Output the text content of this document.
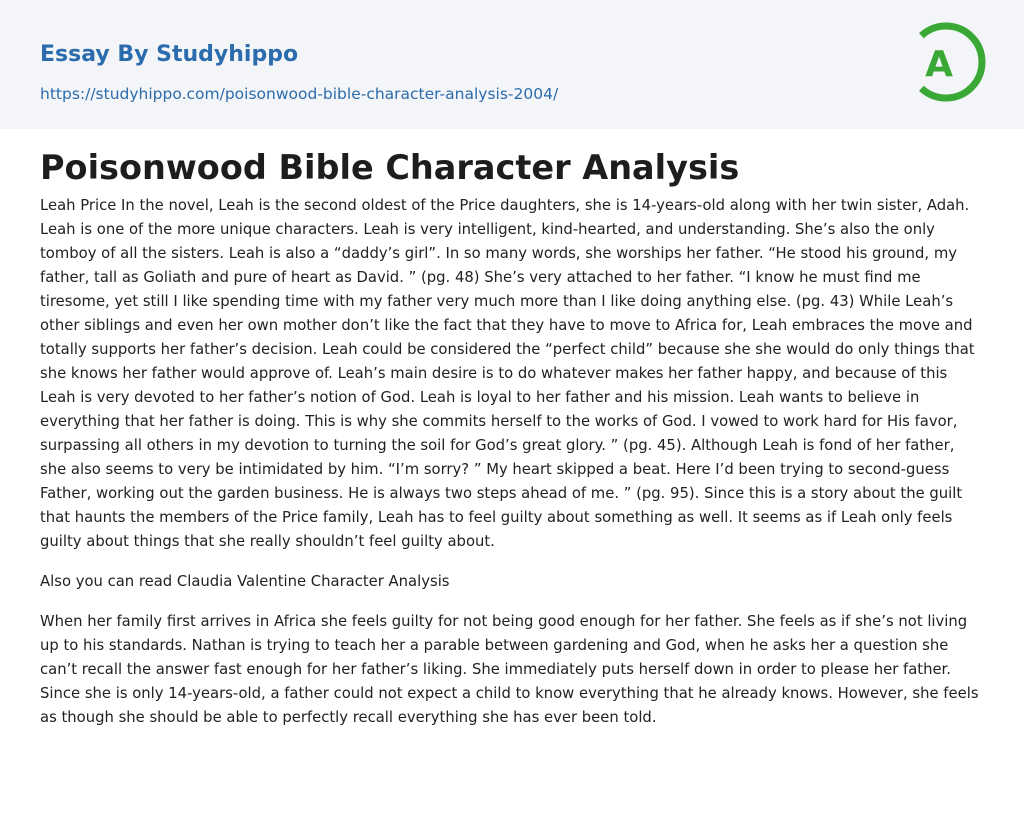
Essay By Studyhippo
https://studyhippo.com/poisonwood-bible-character-analysis-2004/
A
Poisonwood Bible Character Analysis

Leah Price In the novel, Leah is the second oldest of the Price daughters, she is 14-years-old along with her twin sister, Adah. Leah is one of the more unique characters. Leah is very intelligent, kind-hearted, and understanding. She’s also the only tomboy of all the sisters. Leah is also a “daddy’s girl”. In so many words, she worships her father. “He stood his ground, my father, tall as Goliath and pure of heart as David. ” (pg. 48) She’s very attached to her father. “I know he must find me tiresome, yet still I like spending time with my father very much more than I like doing anything else. (pg. 43) While Leah’s other siblings and even her own mother don’t like the fact that they have to move to Africa for, Leah embraces the move and totally supports her father’s decision. Leah could be considered the “perfect child” because she she would do only things that she knows her father would approve of. Leah’s main desire is to do whatever makes her father happy, and because of this Leah is very devoted to her father’s notion of God. Leah is loyal to her father and his mission. Leah wants to believe in everything that her father is doing. This is why she commits herself to the works of God. I vowed to work hard for His favor, surpassing all others in my devotion to turning the soil for God’s great glory. ” (pg. 45). Although Leah is fond of her father, she also seems to very be intimidated by him. “I’m sorry? ” My heart skipped a beat. Here I’d been trying to second-guess Father, working out the garden business. He is always two steps ahead of me. ” (pg. 95). Since this is a story about the guilt that haunts the members of the Price family, Leah has to feel guilty about something as well. It seems as if Leah only feels guilty about things that she really shouldn’t feel guilty about.

Also you can read Claudia Valentine Character Analysis

When her family first arrives in Africa she feels guilty for not being good enough for her father. She feels as if she’s not living up to his standards. Nathan is trying to teach her a parable between gardening and God, when he asks her a question she can’t recall the answer fast enough for her father’s liking. She immediately puts herself down in order to please her father. Since she is only 14-years-old, a father could not expect a child to know everything that he already knows. However, she feels as though she should be able to perfectly recall everything she has ever been told.
